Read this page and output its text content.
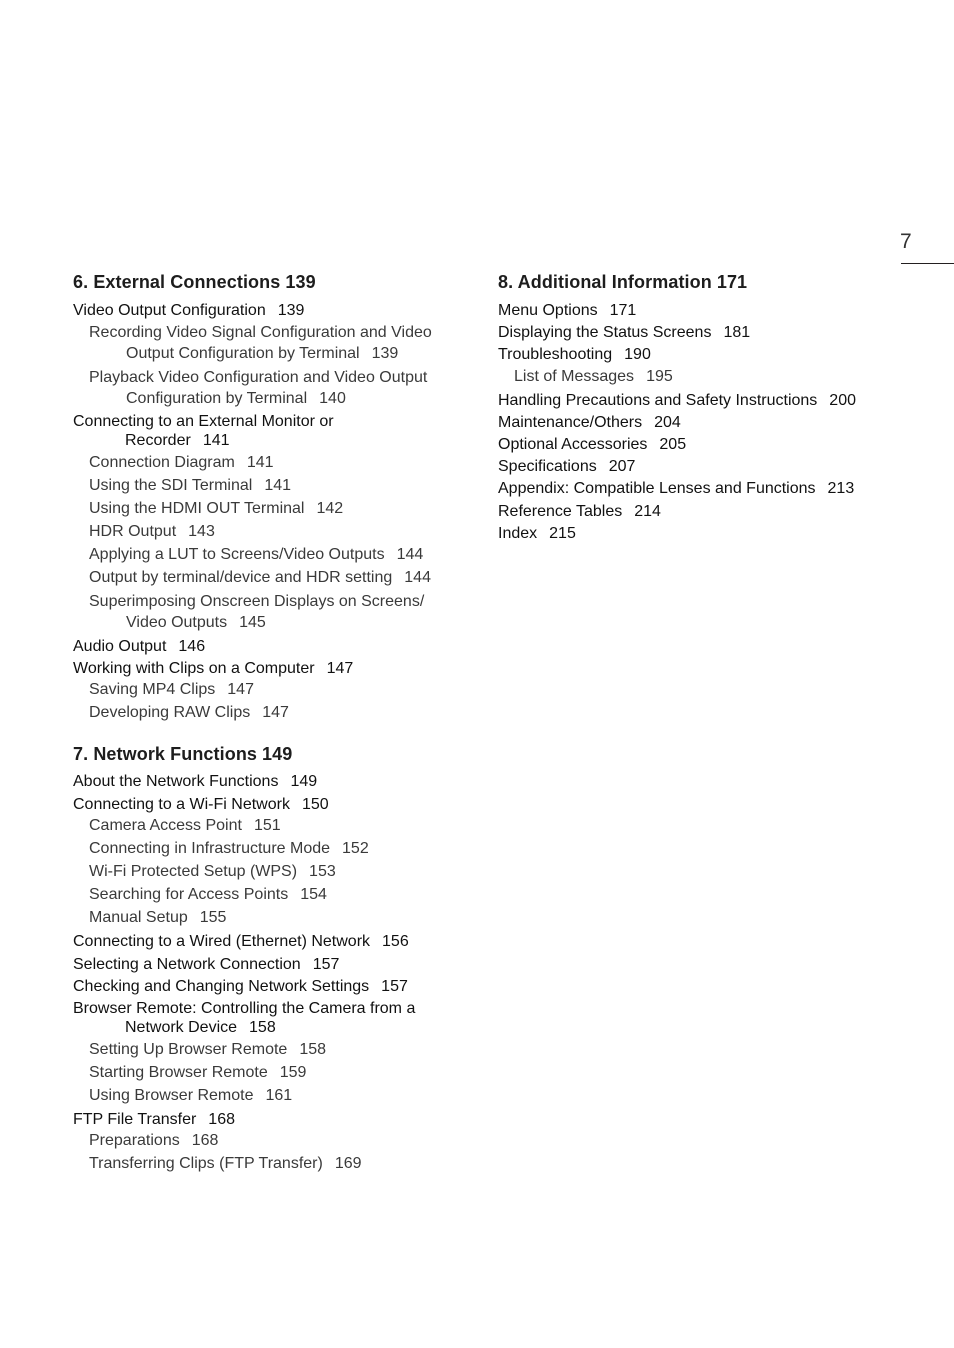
7
6. External Connections 139
Video Output Configuration 139
Recording Video Signal Configuration and Video
Output Configuration by Terminal 139
Playback Video Configuration and Video Output
Configuration by Terminal 140
Connecting to an External Monitor or
Recorder 141
Connection Diagram 141
Using the SDI Terminal 141
Using the HDMI OUT Terminal 142
HDR Output 143
Applying a LUT to Screens/Video Outputs 144
Output by terminal/device and HDR setting 144
Superimposing Onscreen Displays on Screens/
Video Outputs 145
Audio Output 146
Working with Clips on a Computer 147
Saving MP4 Clips 147
Developing RAW Clips 147
7. Network Functions 149
About the Network Functions 149
Connecting to a Wi-Fi Network 150
Camera Access Point 151
Connecting in Infrastructure Mode 152
Wi-Fi Protected Setup (WPS) 153
Searching for Access Points 154
Manual Setup 155
Connecting to a Wired (Ethernet) Network 156
Selecting a Network Connection 157
Checking and Changing Network Settings 157
Browser Remote: Controlling the Camera from a
Network Device 158
Setting Up Browser Remote 158
Starting Browser Remote 159
Using Browser Remote 161
FTP File Transfer 168
Preparations 168
Transferring Clips (FTP Transfer) 169
8. Additional Information 171
Menu Options 171
Displaying the Status Screens 181
Troubleshooting 190
List of Messages 195
Handling Precautions and Safety Instructions 200
Maintenance/Others 204
Optional Accessories 205
Specifications 207
Appendix: Compatible Lenses and Functions 213
Reference Tables 214
Index 215
